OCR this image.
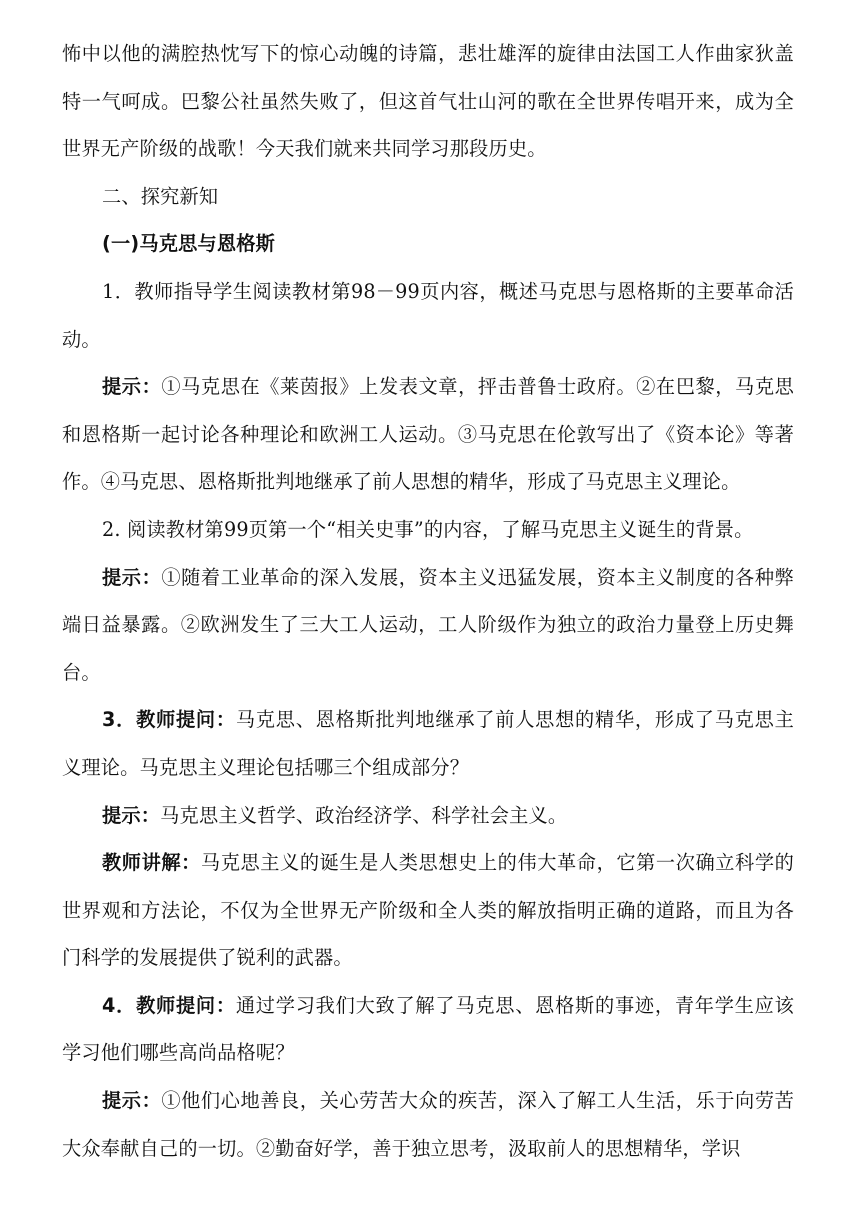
怖中以他的满腔热忱写下的惊心动魄的诗篇，悲壮雄浑的旋律由法国工人作曲家狄盖特一气呵成。巴黎公社虽然失败了，但这首气壮山河的歌在全世界传唱开来，成为全世界无产阶级的战歌！今天我们就来共同学习那段历史。

二、探究新知

(一)马克思与恩格斯

1．教师指导学生阅读教材第98－99页内容，概述马克思与恩格斯的主要革命活动。

提示：①马克思在《莱茵报》上发表文章，抨击普鲁士政府。②在巴黎，马克思和恩格斯一起讨论各种理论和欧洲工人运动。③马克思在伦敦写出了《资本论》等著作。④马克思、恩格斯批判地继承了前人思想的精华，形成了马克思主义理论。

2. 阅读教材第99页第一个“相关史事”的内容，了解马克思主义诞生的背景。

提示：①随着工业革命的深入发展，资本主义迅猛发展，资本主义制度的各种弊端日益暴露。②欧洲发生了三大工人运动，工人阶级作为独立的政治力量登上历史舞台。

3．教师提问：马克思、恩格斯批判地继承了前人思想的精华，形成了马克思主义理论。马克思主义理论包括哪三个组成部分？

提示：马克思主义哲学、政治经济学、科学社会主义。

教师讲解：马克思主义的诞生是人类思想史上的伟大革命，它第一次确立科学的世界观和方法论，不仅为全世界无产阶级和全人类的解放指明正确的道路，而且为各门科学的发展提供了锐利的武器。

4．教师提问：通过学习我们大致了解了马克思、恩格斯的事迹，青年学生应该学习他们哪些高尚品格呢？

提示：①他们心地善良，关心劳苦大众的疾苦，深入了解工人生活，乐于向劳苦大众奉献自己的一切。②勤奋好学，善于独立思考，汲取前人的思想精华，学识
